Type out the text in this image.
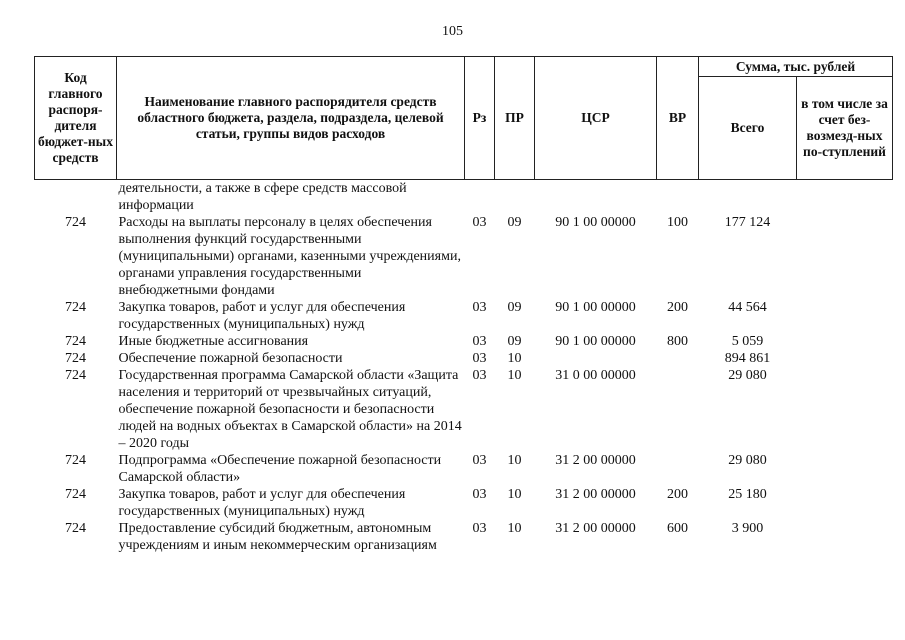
105
Код главного распоря-дителя бюджет-ных средств	Наименование главного распорядителя средств областного бюджета, раздела, подраздела, целевой статьи, группы видов расходов	Рз	ПР	ЦСР	ВР	Сумма, тыс. рублей	
						Всего	в том числе за счет без-возмезд-ных по-ступлений
	деятельности, а также в сфере средств массовой информации						
724	Расходы на выплаты персоналу в целях обеспечения выполнения функций государственными (муниципальными) органами, казенными учреждениями, органами управления государственными внебюджетными фондами	03	09	90 1 00 00000	100	177 124	
724	Закупка товаров, работ и услуг для обеспечения государственных (муниципальных) нужд	03	09	90 1 00 00000	200	44 564	
724	Иные бюджетные ассигнования	03	09	90 1 00 00000	800	5 059	
724	Обеспечение пожарной безопасности	03	10			894 861	
724	Государственная программа Самарской области «Защита населения и территорий от чрезвычайных ситуаций, обеспечение пожарной безопасности и безопасности людей на водных объектах в Самарской области» на 2014 – 2020 годы	03	10	31 0 00 00000		29 080	
724	Подпрограмма «Обеспечение пожарной безопасности Самарской области»	03	10	31 2 00 00000		29 080	
724	Закупка товаров, работ и услуг для обеспечения государственных (муниципальных) нужд	03	10	31 2 00 00000	200	25 180	
724	Предоставление субсидий бюджетным, автономным учреждениям и иным некоммерческим организациям	03	10	31 2 00 00000	600	3 900	
